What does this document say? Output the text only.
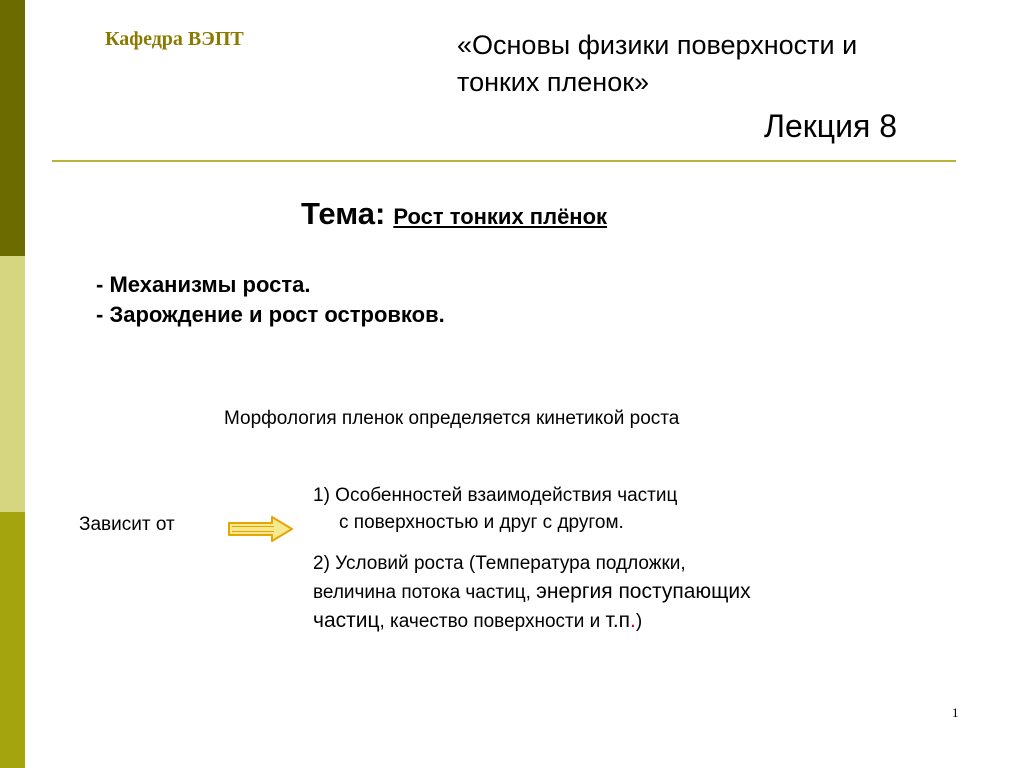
Кафедра ВЭПТ	«Основы физики поверхности и
тонких пленок»
Лекция 8
Тема: Рост тонких плёнок
- Механизмы роста.
- Зарождение и рост островков.
Морфология пленок определяется кинетикой роста
Зависит от
1) Особенностей взаимодействия частиц
с поверхностью и друг с другом.
2) Условий роста (Температура подложки,
величина потока частиц, энергия поступающих
частиц, качество поверхности и т.п.)
1
